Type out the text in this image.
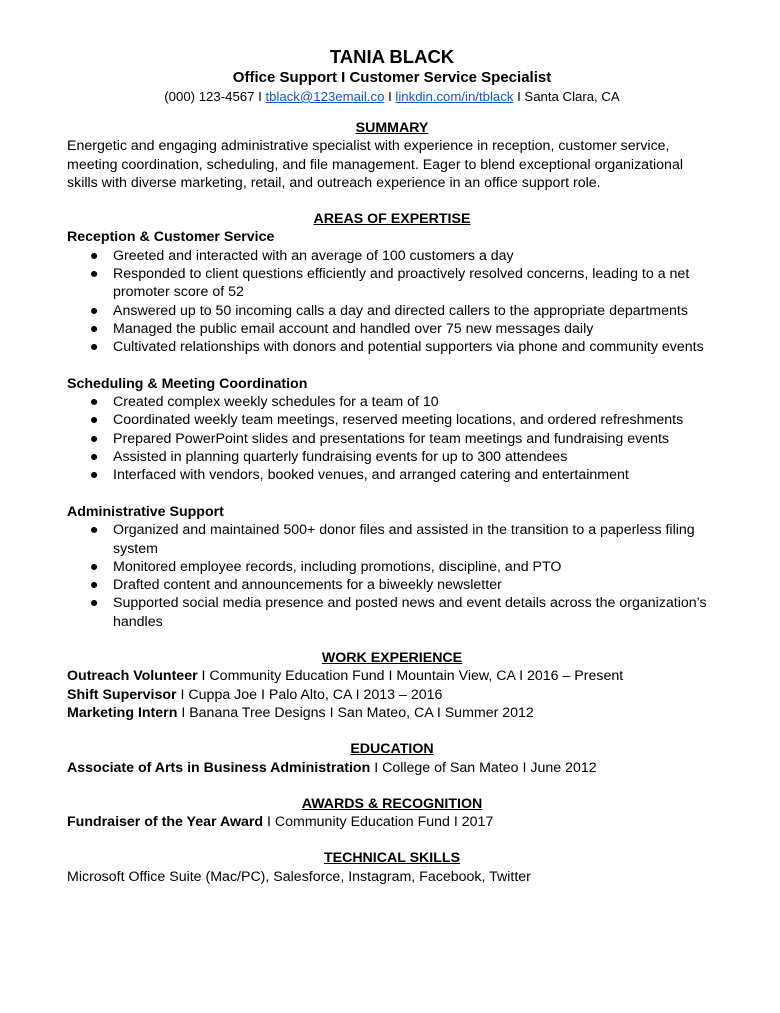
TANIA BLACK
Office Support I Customer Service Specialist
(000) 123-4567 I tblack@123email.co I linkdin.com/in/tblack I Santa Clara, CA
SUMMARY

Energetic and engaging administrative specialist with experience in reception, customer service, meeting coordination, scheduling, and file management. Eager to blend exceptional organizational skills with diverse marketing, retail, and outreach experience in an office support role.

AREAS OF EXPERTISE
Reception & Customer Service
● Greeted and interacted with an average of 100 customers a day
● Responded to client questions efficiently and proactively resolved concerns, leading to a net promoter score of 52
● Answered up to 50 incoming calls a day and directed callers to the appropriate departments
● Managed the public email account and handled over 75 new messages daily
● Cultivated relationships with donors and potential supporters via phone and community events
Scheduling & Meeting Coordination
● Created complex weekly schedules for a team of 10
● Coordinated weekly team meetings, reserved meeting locations, and ordered refreshments
● Prepared PowerPoint slides and presentations for team meetings and fundraising events
● Assisted in planning quarterly fundraising events for up to 300 attendees
● Interfaced with vendors, booked venues, and arranged catering and entertainment
Administrative Support
● Organized and maintained 500+ donor files and assisted in the transition to a paperless filing system
● Monitored employee records, including promotions, discipline, and PTO
● Drafted content and announcements for a biweekly newsletter
● Supported social media presence and posted news and event details across the organization’s handles
WORK EXPERIENCE
Outreach Volunteer I Community Education Fund I Mountain View, CA I 2016 – Present
Shift Supervisor I Cuppa Joe I Palo Alto, CA I 2013 – 2016
Marketing Intern I Banana Tree Designs I San Mateo, CA I Summer 2012
EDUCATION
Associate of Arts in Business Administration I College of San Mateo I June 2012
AWARDS & RECOGNITION
Fundraiser of the Year Award I Community Education Fund I 2017
TECHNICAL SKILLS
Microsoft Office Suite (Mac/PC), Salesforce, Instagram, Facebook, Twitter
